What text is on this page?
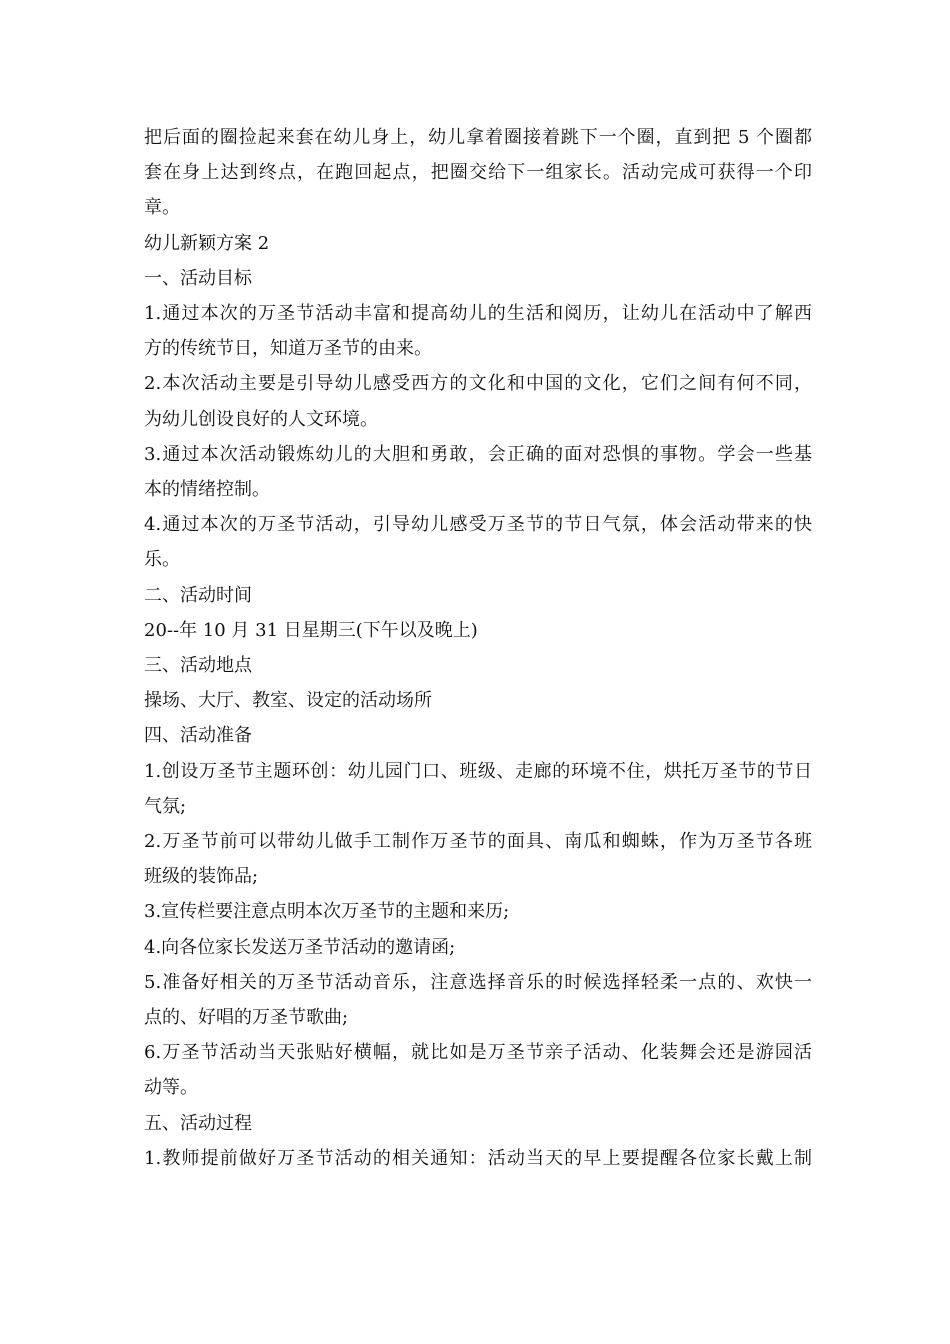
把后面的圈捡起来套在幼儿身上，幼儿拿着圈接着跳下一个圈，直到把 5 个圈都
套在身上达到终点，在跑回起点，把圈交给下一组家长。活动完成可获得一个印
章。
幼儿新颖方案 2
一、活动目标
1.通过本次的万圣节活动丰富和提高幼儿的生活和阅历，让幼儿在活动中了解西
方的传统节日，知道万圣节的由来。
2.本次活动主要是引导幼儿感受西方的文化和中国的文化，它们之间有何不同，
为幼儿创设良好的人文环境。
3.通过本次活动锻炼幼儿的大胆和勇敢，会正确的面对恐惧的事物。学会一些基
本的情绪控制。
4.通过本次的万圣节活动，引导幼儿感受万圣节的节日气氛，体会活动带来的快
乐。
二、活动时间
20--年 10 月 31 日星期三(下午以及晚上)
三、活动地点
操场、大厅、教室、设定的活动场所
四、活动准备
1.创设万圣节主题环创：幼儿园门口、班级、走廊的环境不住，烘托万圣节的节日
气氛;
2.万圣节前可以带幼儿做手工制作万圣节的面具、南瓜和蜘蛛，作为万圣节各班
班级的装饰品;
3.宣传栏要注意点明本次万圣节的主题和来历;
4.向各位家长发送万圣节活动的邀请函;
5.准备好相关的万圣节活动音乐，注意选择音乐的时候选择轻柔一点的、欢快一
点的、好唱的万圣节歌曲;
6.万圣节活动当天张贴好横幅，就比如是万圣节亲子活动、化装舞会还是游园活
动等。
五、活动过程
1.教师提前做好万圣节活动的相关通知：活动当天的早上要提醒各位家长戴上制
